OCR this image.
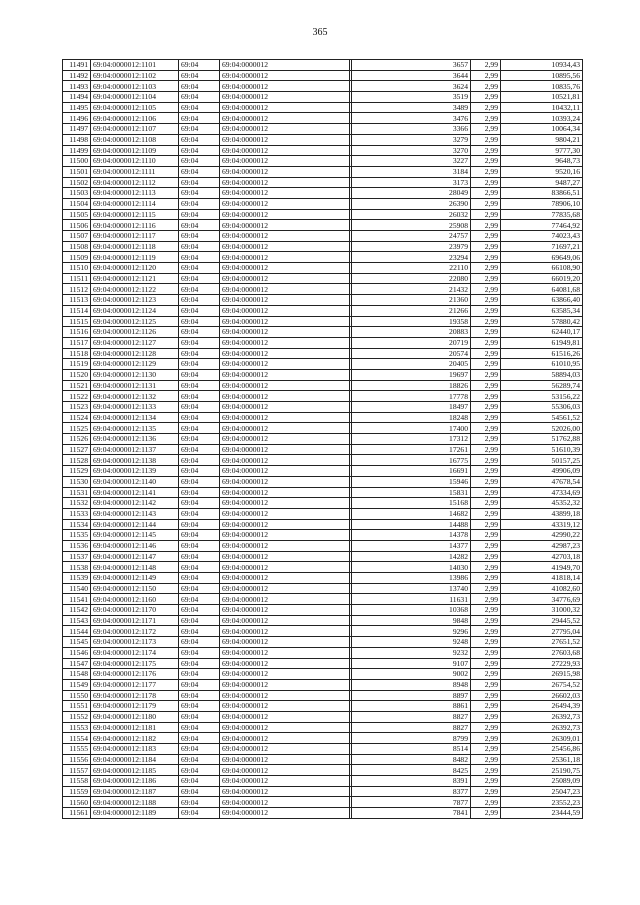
365
11491	69:04:0000012:1101	69:04	69:04:0000012		3657	2,99	10934,43
11492	69:04:0000012:1102	69:04	69:04:0000012		3644	2,99	10895,56
11493	69:04:0000012:1103	69:04	69:04:0000012		3624	2,99	10835,76
11494	69:04:0000012:1104	69:04	69:04:0000012		3519	2,99	10521,81
11495	69:04:0000012:1105	69:04	69:04:0000012		3489	2,99	10432,11
11496	69:04:0000012:1106	69:04	69:04:0000012		3476	2,99	10393,24
11497	69:04:0000012:1107	69:04	69:04:0000012		3366	2,99	10064,34
11498	69:04:0000012:1108	69:04	69:04:0000012		3279	2,99	9804,21
11499	69:04:0000012:1109	69:04	69:04:0000012		3270	2,99	9777,30
11500	69:04:0000012:1110	69:04	69:04:0000012		3227	2,99	9648,73
11501	69:04:0000012:1111	69:04	69:04:0000012		3184	2,99	9520,16
11502	69:04:0000012:1112	69:04	69:04:0000012		3173	2,99	9487,27
11503	69:04:0000012:1113	69:04	69:04:0000012		28049	2,99	83866,51
11504	69:04:0000012:1114	69:04	69:04:0000012		26390	2,99	78906,10
11505	69:04:0000012:1115	69:04	69:04:0000012		26032	2,99	77835,68
11506	69:04:0000012:1116	69:04	69:04:0000012		25908	2,99	77464,92
11507	69:04:0000012:1117	69:04	69:04:0000012		24757	2,99	74023,43
11508	69:04:0000012:1118	69:04	69:04:0000012		23979	2,99	71697,21
11509	69:04:0000012:1119	69:04	69:04:0000012		23294	2,99	69649,06
11510	69:04:0000012:1120	69:04	69:04:0000012		22110	2,99	66108,90
11511	69:04:0000012:1121	69:04	69:04:0000012		22080	2,99	66019,20
11512	69:04:0000012:1122	69:04	69:04:0000012		21432	2,99	64081,68
11513	69:04:0000012:1123	69:04	69:04:0000012		21360	2,99	63866,40
11514	69:04:0000012:1124	69:04	69:04:0000012		21266	2,99	63585,34
11515	69:04:0000012:1125	69:04	69:04:0000012		19358	2,99	57880,42
11516	69:04:0000012:1126	69:04	69:04:0000012		20883	2,99	62440,17
11517	69:04:0000012:1127	69:04	69:04:0000012		20719	2,99	61949,81
11518	69:04:0000012:1128	69:04	69:04:0000012		20574	2,99	61516,26
11519	69:04:0000012:1129	69:04	69:04:0000012		20405	2,99	61010,95
11520	69:04:0000012:1130	69:04	69:04:0000012		19697	2,99	58894,03
11521	69:04:0000012:1131	69:04	69:04:0000012		18826	2,99	56289,74
11522	69:04:0000012:1132	69:04	69:04:0000012		17778	2,99	53156,22
11523	69:04:0000012:1133	69:04	69:04:0000012		18497	2,99	55306,03
11524	69:04:0000012:1134	69:04	69:04:0000012		18248	2,99	54561,52
11525	69:04:0000012:1135	69:04	69:04:0000012		17400	2,99	52026,00
11526	69:04:0000012:1136	69:04	69:04:0000012		17312	2,99	51762,88
11527	69:04:0000012:1137	69:04	69:04:0000012		17261	2,99	51610,39
11528	69:04:0000012:1138	69:04	69:04:0000012		16775	2,99	50157,25
11529	69:04:0000012:1139	69:04	69:04:0000012		16691	2,99	49906,09
11530	69:04:0000012:1140	69:04	69:04:0000012		15946	2,99	47678,54
11531	69:04:0000012:1141	69:04	69:04:0000012		15831	2,99	47334,69
11532	69:04:0000012:1142	69:04	69:04:0000012		15168	2,99	45352,32
11533	69:04:0000012:1143	69:04	69:04:0000012		14682	2,99	43899,18
11534	69:04:0000012:1144	69:04	69:04:0000012		14488	2,99	43319,12
11535	69:04:0000012:1145	69:04	69:04:0000012		14378	2,99	42990,22
11536	69:04:0000012:1146	69:04	69:04:0000012		14377	2,99	42987,23
11537	69:04:0000012:1147	69:04	69:04:0000012		14282	2,99	42703,18
11538	69:04:0000012:1148	69:04	69:04:0000012		14030	2,99	41949,70
11539	69:04:0000012:1149	69:04	69:04:0000012		13986	2,99	41818,14
11540	69:04:0000012:1150	69:04	69:04:0000012		13740	2,99	41082,60
11541	69:04:0000012:1160	69:04	69:04:0000012		11631	2,99	34776,69
11542	69:04:0000012:1170	69:04	69:04:0000012		10368	2,99	31000,32
11543	69:04:0000012:1171	69:04	69:04:0000012		9848	2,99	29445,52
11544	69:04:0000012:1172	69:04	69:04:0000012		9296	2,99	27795,04
11545	69:04:0000012:1173	69:04	69:04:0000012		9248	2,99	27651,52
11546	69:04:0000012:1174	69:04	69:04:0000012		9232	2,99	27603,68
11547	69:04:0000012:1175	69:04	69:04:0000012		9107	2,99	27229,93
11548	69:04:0000012:1176	69:04	69:04:0000012		9002	2,99	26915,98
11549	69:04:0000012:1177	69:04	69:04:0000012		8948	2,99	26754,52
11550	69:04:0000012:1178	69:04	69:04:0000012		8897	2,99	26602,03
11551	69:04:0000012:1179	69:04	69:04:0000012		8861	2,99	26494,39
11552	69:04:0000012:1180	69:04	69:04:0000012		8827	2,99	26392,73
11553	69:04:0000012:1181	69:04	69:04:0000012		8827	2,99	26392,73
11554	69:04:0000012:1182	69:04	69:04:0000012		8799	2,99	26309,01
11555	69:04:0000012:1183	69:04	69:04:0000012		8514	2,99	25456,86
11556	69:04:0000012:1184	69:04	69:04:0000012		8482	2,99	25361,18
11557	69:04:0000012:1185	69:04	69:04:0000012		8425	2,99	25190,75
11558	69:04:0000012:1186	69:04	69:04:0000012		8391	2,99	25089,09
11559	69:04:0000012:1187	69:04	69:04:0000012		8377	2,99	25047,23
11560	69:04:0000012:1188	69:04	69:04:0000012		7877	2,99	23552,23
11561	69:04:0000012:1189	69:04	69:04:0000012		7841	2,99	23444,59
